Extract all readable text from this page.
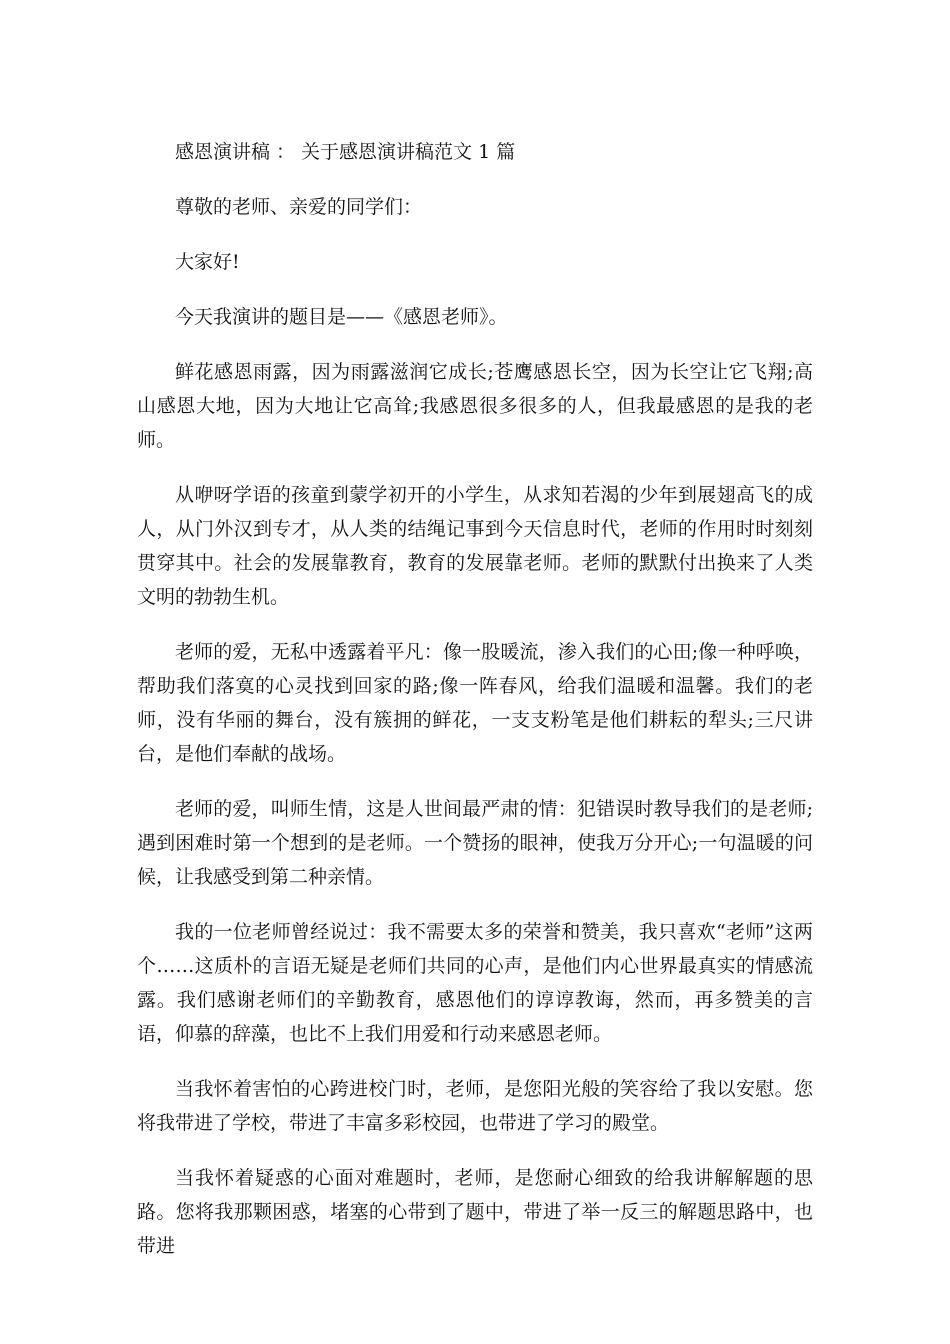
感恩演讲稿 ： 关于感恩演讲稿范文 1 篇

尊敬的老师、亲爱的同学们：

大家好!

今天我演讲的题目是——《感恩老师》。

鲜花感恩雨露，因为雨露滋润它成长;苍鹰感恩长空，因为长空让它飞翔;高山感恩大地，因为大地让它高耸;我感恩很多很多的人，但我最感恩的是我的老师。

从咿呀学语的孩童到蒙学初开的小学生，从求知若渴的少年到展翅高飞的成人，从门外汉到专才，从人类的结绳记事到今天信息时代，老师的作用时时刻刻贯穿其中。社会的发展靠教育，教育的发展靠老师。老师的默默付出换来了人类文明的勃勃生机。

老师的爱，无私中透露着平凡：像一股暖流，渗入我们的心田;像一种呼唤，帮助我们落寞的心灵找到回家的路;像一阵春风，给我们温暖和温馨。我们的老师，没有华丽的舞台，没有簇拥的鲜花，一支支粉笔是他们耕耘的犁头;三尺讲台，是他们奉献的战场。

老师的爱，叫师生情，这是人世间最严肃的情：犯错误时教导我们的是老师;遇到困难时第一个想到的是老师。一个赞扬的眼神，使我万分开心;一句温暖的问候，让我感受到第二种亲情。

我的一位老师曾经说过：我不需要太多的荣誉和赞美，我只喜欢“老师”这两个……这质朴的言语无疑是老师们共同的心声，是他们内心世界最真实的情感流露。我们感谢老师们的辛勤教育，感恩他们的谆谆教诲，然而，再多赞美的言语，仰慕的辞藻，也比不上我们用爱和行动来感恩老师。

当我怀着害怕的心跨进校门时，老师，是您阳光般的笑容给了我以安慰。您将我带进了学校，带进了丰富多彩校园，也带进了学习的殿堂。

当我怀着疑惑的心面对难题时，老师，是您耐心细致的给我讲解解题的思路。您将我那颗困惑，堵塞的心带到了题中，带进了举一反三的解题思路中，也带进
